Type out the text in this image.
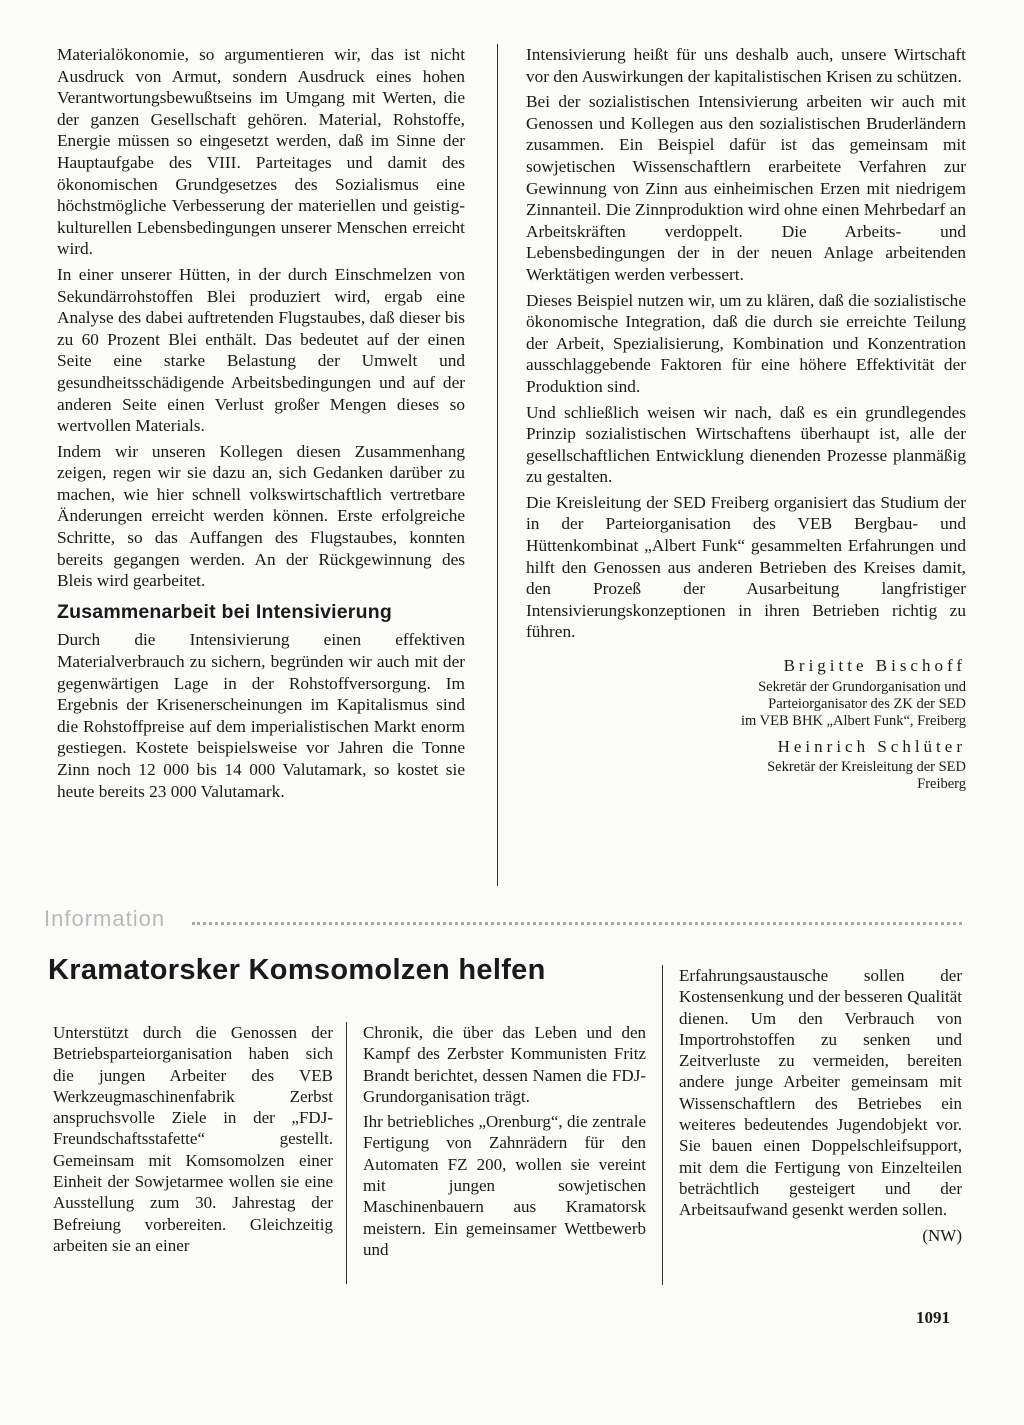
Materialökonomie, so argumentieren wir, das ist nicht Ausdruck von Armut, sondern Ausdruck eines hohen Verantwortungsbewußtseins im Umgang mit Werten, die der ganzen Gesellschaft gehören. Material, Rohstoffe, Energie müssen so eingesetzt werden, daß im Sinne der Hauptaufgabe des VIII. Parteitages und damit des ökonomischen Grundgesetzes des Sozialismus eine höchstmögliche Verbesserung der materiellen und geistig-kulturellen Lebensbedingungen unserer Menschen erreicht wird.

In einer unserer Hütten, in der durch Einschmelzen von Sekundärrohstoffen Blei produziert wird, ergab eine Analyse des dabei auftretenden Flugstaubes, daß dieser bis zu 60 Prozent Blei enthält. Das bedeutet auf der einen Seite eine starke Belastung der Umwelt und gesundheitsschädigende Arbeitsbedingungen und auf der anderen Seite einen Verlust großer Mengen dieses so wertvollen Materials.

Indem wir unseren Kollegen diesen Zusammenhang zeigen, regen wir sie dazu an, sich Gedanken darüber zu machen, wie hier schnell volkswirtschaftlich vertretbare Änderungen erreicht werden können. Erste erfolgreiche Schritte, so das Auffangen des Flugstaubes, konnten bereits gegangen werden. An der Rückgewinnung des Bleis wird gearbeitet.

Zusammenarbeit bei Intensivierung

Durch die Intensivierung einen effektiven Materialverbrauch zu sichern, begründen wir auch mit der gegenwärtigen Lage in der Rohstoffversorgung. Im Ergebnis der Krisenerscheinungen im Kapitalismus sind die Rohstoffpreise auf dem imperialistischen Markt enorm gestiegen. Kostete beispielsweise vor Jahren die Tonne Zinn noch 12 000 bis 14 000 Valutamark, so kostet sie heute bereits 23 000 Valutamark.

Intensivierung heißt für uns deshalb auch, unsere Wirtschaft vor den Auswirkungen der kapitalistischen Krisen zu schützen.

Bei der sozialistischen Intensivierung arbeiten wir auch mit Genossen und Kollegen aus den sozialistischen Bruderländern zusammen. Ein Beispiel dafür ist das gemeinsam mit sowjetischen Wissenschaftlern erarbeitete Verfahren zur Gewinnung von Zinn aus einheimischen Erzen mit niedrigem Zinnanteil. Die Zinnproduktion wird ohne einen Mehrbedarf an Arbeitskräften verdoppelt. Die Arbeits- und Lebensbedingungen der in der neuen Anlage arbeitenden Werktätigen werden verbessert.

Dieses Beispiel nutzen wir, um zu klären, daß die sozialistische ökonomische Integration, daß die durch sie erreichte Teilung der Arbeit, Spezialisierung, Kombination und Konzentration ausschlaggebende Faktoren für eine höhere Effektivität der Produktion sind.

Und schließlich weisen wir nach, daß es ein grundlegendes Prinzip sozialistischen Wirtschaftens überhaupt ist, alle der gesellschaftlichen Entwicklung dienenden Prozesse planmäßig zu gestalten.

Die Kreisleitung der SED Freiberg organisiert das Studium der in der Parteiorganisation des VEB Bergbau- und Hüttenkombinat „Albert Funk“ gesammelten Erfahrungen und hilft den Genossen aus anderen Betrieben des Kreises damit, den Prozeß der Ausarbeitung langfristiger Intensivierungskonzeptionen in ihren Betrieben richtig zu führen.

Brigitte Bischoff

Sekretär der Grundorganisation und

Parteiorganisator des ZK der SED

im VEB BHK „Albert Funk“, Freiberg

Heinrich Schlüter

Sekretär der Kreisleitung der SED

Freiberg

Information
Kramatorsker Komsomolzen helfen

Unterstützt durch die Genossen der Betriebsparteiorganisation haben sich die jungen Arbeiter des VEB Werkzeugmaschinenfabrik Zerbst anspruchsvolle Ziele in der „FDJ-Freundschaftsstafette“ gestellt. Gemeinsam mit Komsomolzen einer Einheit der Sowjetarmee wollen sie eine Ausstellung zum 30. Jahrestag der Befreiung vorbereiten. Gleichzeitig arbeiten sie an einer

Chronik, die über das Leben und den Kampf des Zerbster Kommunisten Fritz Brandt berichtet, dessen Namen die FDJ-Grundorganisation trägt.

Ihr betriebliches „Orenburg“, die zentrale Fertigung von Zahnrädern für den Automaten FZ 200, wollen sie vereint mit jungen sowjetischen Maschinenbauern aus Kramatorsk meistern. Ein gemeinsamer Wettbewerb und

Erfahrungsaustausche sollen der Kostensenkung und der besseren Qualität dienen. Um den Verbrauch von Importrohstoffen zu senken und Zeitverluste zu vermeiden, bereiten andere junge Arbeiter gemeinsam mit Wissenschaftlern des Betriebes ein weiteres bedeutendes Jugendobjekt vor. Sie bauen einen Doppelschleifsupport, mit dem die Fertigung von Einzelteilen beträchtlich gesteigert und der Arbeitsaufwand gesenkt werden sollen.

(NW)

1091
